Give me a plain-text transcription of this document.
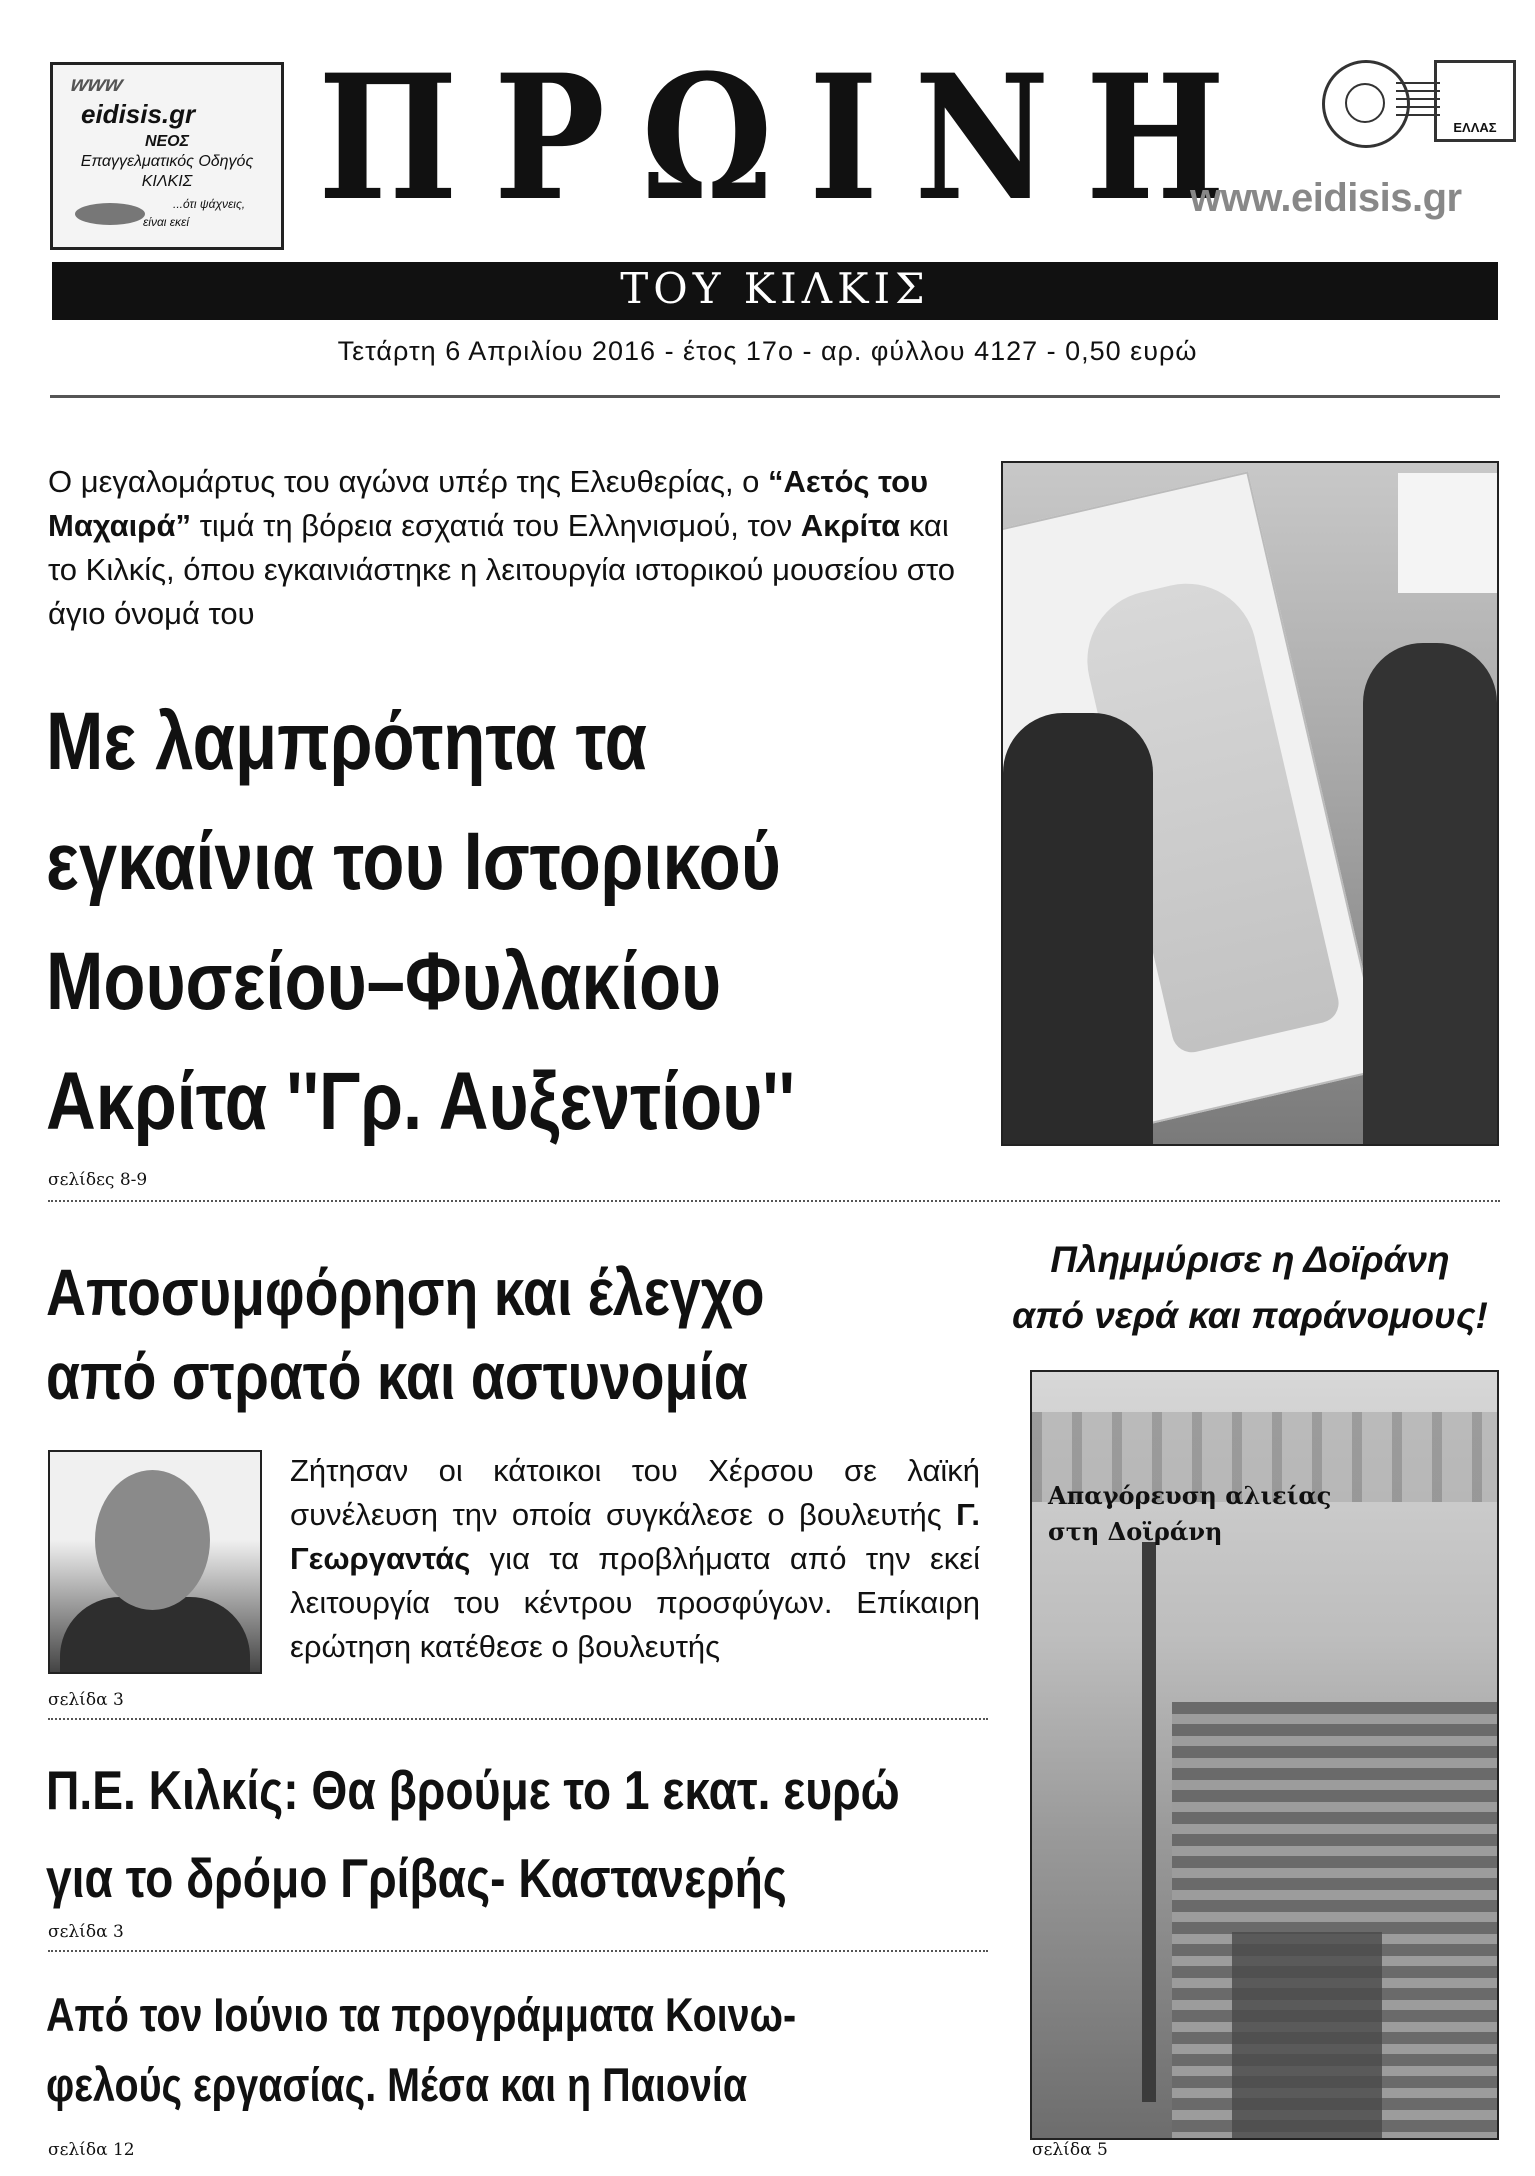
www
eidisis.gr
ΝΕΟΣ
Επαγγελματικός Οδηγός
ΚΙΛΚΙΣ
...ότι ψάχνεις,
είναι εκεί ΠΡΩΙΝΗ	ΕΛΛΑΣ
www.eidisis.gr
ΤΟΥ ΚΙΛΚΙΣ
Τετάρτη 6 Απριλίου 2016 - έτος 17ο - αρ. φύλλου 4127 - 0,50 ευρώ
Ο μεγαλομάρτυς του αγώνα υπέρ της Ελευθερίας, ο “Αετός του Μαχαιρά” τιμά τη βόρεια εσχατιά του Ελληνισμού, τον Ακρίτα και το Κιλκίς, όπου εγκαινιάστηκε η λειτουργία ιστορικού μουσείου στο άγιο όνομά του
Με λαμπρότητα τα
εγκαίνια του Ιστορικού
Μουσείου–Φυλακίου
Ακρίτα ''Γρ. Αυξεντίου''
σελίδες 8-9
Αποσυμφόρηση και έλεγχο
από στρατό και αστυνομία
Ζήτησαν οι κάτοικοι του Χέρσου σε λαϊκή συνέλευση την οποία συγκάλεσε ο βουλευτής Γ. Γεωργαντάς για τα προβλήματα από την εκεί λειτουργία του κέντρου προσφύγων. Επίκαιρη ερώτηση κατέθεσε ο βουλευτής
σελίδα 3
Π.Ε. Κιλκίς: Θα βρούμε το 1 εκατ. ευρώ
για το δρόμο Γρίβας- Καστανερής
σελίδα 3
Από τον Ιούνιο τα προγράμματα Κοινω-
φελούς εργασίας. Μέσα και η Παιονία
σελίδα 12
Πλημμύρισε η Δοϊράνη
από νερά και παράνομους!
Απαγόρευση αλιείας
στη Δοϊράνη
σελίδα 5
